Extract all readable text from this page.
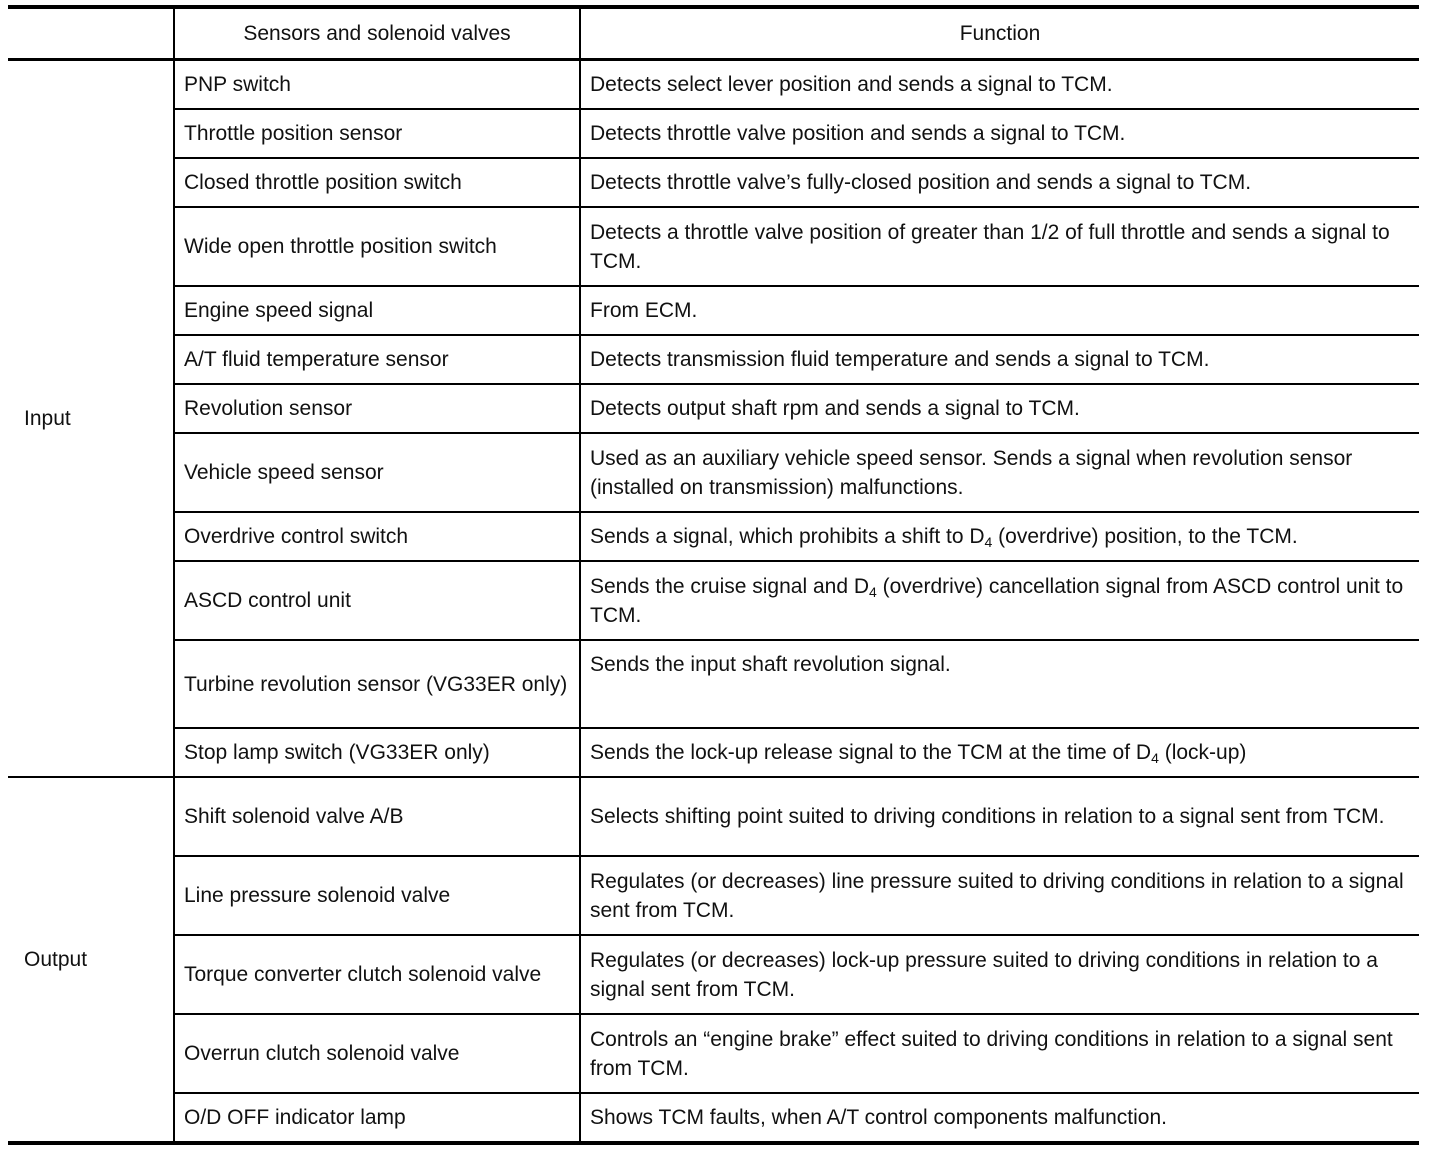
	Sensors and solenoid valves	Function
Input	PNP switch	Detects select lever position and sends a signal to TCM.
	Throttle position sensor	Detects throttle valve position and sends a signal to TCM.
	Closed throttle position switch	Detects throttle valve’s fully-closed position and sends a signal to TCM.
	Wide open throttle position switch	Detects a throttle valve position of greater than 1/2 of full throttle and sends a signal to TCM.
	Engine speed signal	From ECM.
	A/T fluid temperature sensor	Detects transmission fluid temperature and sends a signal to TCM.
	Revolution sensor	Detects output shaft rpm and sends a signal to TCM.
	Vehicle speed sensor	Used as an auxiliary vehicle speed sensor. Sends a signal when revolution sensor (installed on transmission) malfunctions.
	Overdrive control switch	Sends a signal, which prohibits a shift to $D_4$ (overdrive) position, to the TCM.
	ASCD control unit	Sends the cruise signal and $D_4$ (overdrive) cancellation signal from ASCD control unit to TCM.
	Turbine revolution sensor (VG33ER only)	Sends the input shaft revolution signal.
	Stop lamp switch (VG33ER only)	Sends the lock-up release signal to the TCM at the time of $D_4$ (lock-up)
Output	Shift solenoid valve A/B	Selects shifting point suited to driving conditions in relation to a signal sent from TCM.
	Line pressure solenoid valve	Regulates (or decreases) line pressure suited to driving conditions in relation to a signal sent from TCM.
	Torque converter clutch solenoid valve	Regulates (or decreases) lock-up pressure suited to driving conditions in relation to a signal sent from TCM.
	Overrun clutch solenoid valve	Controls an “engine brake” effect suited to driving conditions in relation to a signal sent from TCM.
	O/D OFF indicator lamp	Shows TCM faults, when A/T control components malfunction.
